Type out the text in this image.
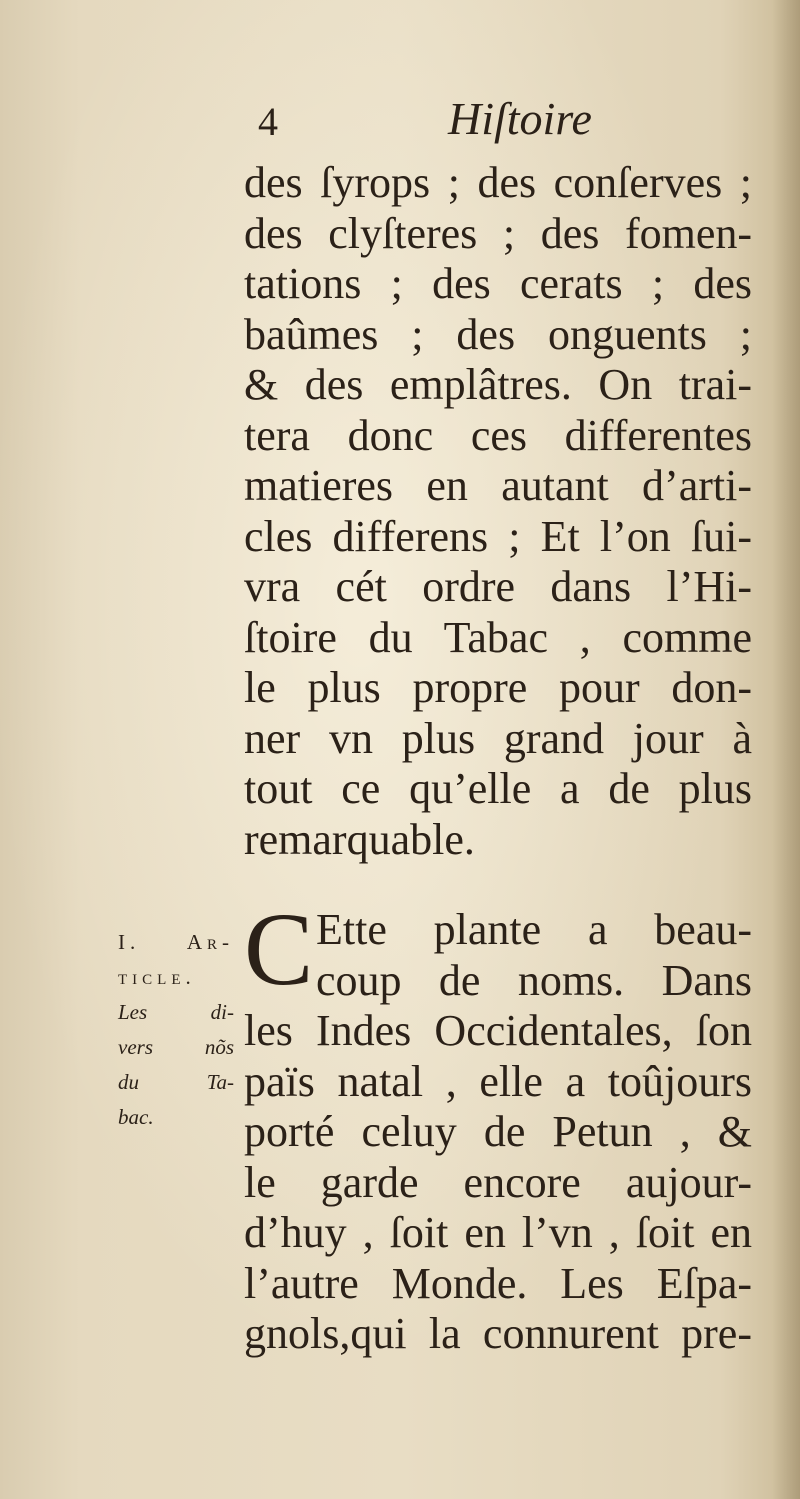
4	Hiſtoire
des ſyrops ; des conſerves ;
des clyſteres ; des fomen-
tations ; des cerats ; des
baûmes ; des onguents ;
& des emplâtres. On trai-
tera donc ces differentes
matieres en autant d’arti-
cles differens ; Et l’on ſui-
vra cét ordre dans l’Hi-
ſtoire du Tabac , comme
le plus propre pour don-
ner vn plus grand jour à
tout ce qu’elle a de plus
remarquable.
I. Ar-
ticle.
Les di-
vers nõs
du Ta-
bac.
C Ette plante a beau-
coup de noms. Dans
les Indes Occidentales, ſon
païs natal , elle a toûjours
porté celuy de Petun , &
le garde encore aujour-
d’huy , ſoit en l’vn , ſoit en
l’autre Monde. Les Eſpa-
gnols,qui la connurent pre-
